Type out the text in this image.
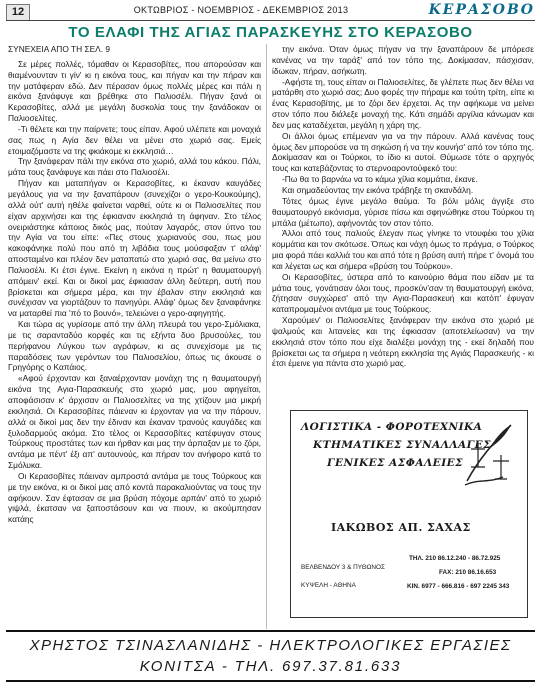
12	ΟΚΤΩΒΡΙΟΣ - ΝΟΕΜΒΡΙΟΣ - ΔΕΚΕΜΒΡΙΟΣ 2013	ΚΕΡΑΣΟΒΟ
ΤΟ ΕΛΑΦΙ ΤΗΣ ΑΓΙΑΣ ΠΑΡΑΣΚΕΥΗΣ ΣΤΟ ΚΕΡΑΣΟΒΟ

ΣΥΝΕΧΕΙΑ ΑΠΟ ΤΗ ΣΕΛ. 9

Σε μέρες πολλές, τόμαθαν οι Κερασοβίτες, που απορούσαν και θιαμένουνταν τι γίν' κι η εικόνα τους, και πήγαν και την πήραν και την ματάφεραν εδώ. Δεν πέρασαν όμως πολλές μέρες και πάλι η εικόνα ξανάφυγε και βρέθηκε στο Παλιοσέλι. Πήγαν ξανά οι Κερασοβίτες, αλλά με μεγάλη δυσκολία τους την ξανάδοκαν οι Παλιοσελίτες.

-Τι θέλετε και την παίρνετε; τους είπαν. Αφού υλέπετε και μοναχιά σας πως η Αγία δεν θέλει να μένει στο χωριό σας. Εμείς ετοιμαζόμαστε να της φκιάκομε κι εκκλησιά…

Την ξανάφεραν πάλι την εικόνα στο χωριό, αλλά του κάκου. Πάλι, μάτα τους ξανάφυγε και πάει στο Παλιοσέλι.

Πήγαν και ματαπήγαν οι Κερασοβίτες, κι έκαναν καυγάδες μεγάλους για να την ξαναπάρουν (συνεχίζοι ο γερο-Κουκούμης), αλλά ούτ' αυτή ηθέλε φαίνεται ναρθεί, ούτε κι οι Παλιοσελίτες που είχαν αρχινήσει και της έφκιαναν εκκλησιά τη άφηναν. Στο τέλος ονειριάστηκε κάποιος δικός μας, πούταν λαγαρός, στον ύπνο του την Αγία να του είπε: «Πες στους χωριανούς σου, πως μου κακοφάνηκε πολύ που από τη λιβάδια τους μούσφαξαν τ' αλάφ' αποσταμένο και πλέον δεν ματαπατώ στο χωριό σας, θα μείνω στο Παλιοσέλι. Κι έτσι έγινε. Εκείνη η εικόνα η πρώτ' η θαυματουργή απόμειν' εκεί. Και οι δικοί μας έφκιασαν άλλη δεύτερη, αυτή που βρίσκεται και σήμερα μέρα, και την έβαλαν στην εκκλησιά και συνέχισαν να γιορτάζουν το πανηγύρι. Αλάφ' όμως δεν ξαναφάνηκε να ματαρθεί πια 'πό το βουνό», τελειώνει ο γερο-αφηγητής.

Και τώρα ας γυρίσομε από την άλλη πλευρά του γερο-Σμόλιακα, με τις σαρανταδύο κορφές και τις εξήντα δυο βρυσούλες, του περήφανου Λύγκου των αγράφων, κι ας συνεχίσομε με τις παραδόσεις των γερόντων του Παλιοσελίου, όπως τις άκουσε ο Γρηγόρης ο Καπάιος.

«Αφού έρχονταν και ξαναέρχονταν μονάχη της η θαυματουργή εικόνα της Αγια-Παρασκευής στο χωριό μας, μου αφηγείται, αποφάσισαν κ' άρχισαν οι Παλιοσελίτες να της χτίζουν μια μικρή εκκλησιά. Οι Κερασοβίτες πάιεναν κι έρχονταν για να την πάρουν, αλλά οι δικοί μας δεν την έδιναν και έκαναν τρανούς καυγάδες και ξυλοδαρμούς ακόμα. Στο τέλος οι Κερασοβίτες κατέφυγαν στους Τούρκους προστάτες των και ήρθαν και μας την άρπαξαν με το ζόρι, αντάμα με πέντ' έξι απ' αυτουνούς, και πήραν τον ανήφορο κατά το Σμόλυκα.

Οι Κερασοβίτες πάειναν αμπροστά αντάμα με τους Τούρκους και με την εικόνα, κι οι δικοί μας από κοντά παρακαλιούντας να τους την αφήκουν. Σαν έφτασαν σε μια βρύση πόχομε αρπάν' από το χωριό γιψλά, έκατσαν να ξαποστάσουν και να πιουν, κι ακούμπησαν κατάης

την εικόνα. Όταν όμως πήγαν να την ξαναπάρουν δε μπόρεσε κανένας να την ταράξ' από τον τόπο της. Δοκίμασαν, πάσχισαν, ίδωκαν, πήραν, ασήκωτη.

-Αφήστε τη, τους είπαν οι Παλιοσελίτες, δε γλέπετε πως δεν θέλει να ματάρθη στο χωριό σας; Δυο φορές την πήραμε και τούτη τρίτη, είπε κι ένας Κερασοβίτης, με το ζόρι δεν έρχεται. Ας την αφήκωμε να μείνει στον τόπο που διάλεξε μοναχή της. Κάτι σημάδι αργίλια κάνωμαν και δεν μας καταδέχεται, μεγάλη η χάρη της.

Οι άλλοι όμως επέμεναν για να την πάρουν. Αλλά κανένας τους όμως δεν μπορούσε να τη σηκώση ή να την κουνήσ' από τον τόπο της. Δοκίμασαν και οι Τούρκοι, το ίδιο κι αυτοί. Θύμωσε τότε ο αρχηγός τους και κατεβάζοντας το στερνοαροντούφεκό του:

-Πω θα το βαρνάω να το κάμω χίλια κομμάτια, έκανε.

Και σημαδεύοντας την εικόνα τράβηξε τη σκανδάλη.

Τότες όμως έγινε μεγάλο θαύμα. Το βόλι μόλις άγγιξε στο θαυματουργό εικόνισμα, γύρισε πίσω και σφηνώθηκε στου Τούρκου τη μπάλα (μέτωπο), αφήνοντάς τον στον τόπο.

Άλλοι από τους παλιούς έλεγαν πως γίνηκε το ντουφέκι του χίλια κομμάτια και τον σκότωσε. Όπως και νάχη όμως το πράγμα, ο Τούρκος μια φορά πάει καλλιά του και από τότε η βρύση αυτή πήρε τ' όνομά του και λέγεται ως και σήμερα «βρύση του Τούρκου».

Οι Κερασοβίτες, ύστερα από το καινούριο θάμα που είδαν με τα μάτια τους, γονάτισαν όλοι τους, προσκύν'σαν τη θαυματουργή εικόνα, ζήτησαν συγχώρεσ' από την Αγια-Παρασκευή και κατόπ' έφυγαν καταπρομαμένοι αντάμα με τους Τούρκους.

Χαρούμεν' οι Παλιοσελίτες ξανάφεραν την εικόνα στο χωριό με ψαλμούς και λιτανείες και της έφκιασαν (αποτελείωσαν) να την εκκλησιά στον τόπο που είχε διαλέξει μονάχη της - εκεί δηλαδή που βρίσκεται ως τα σήμερα η νεότερη εκκλησία της Αγιάς Παρασκευής - κι έτσι έμεινε για πάντα στο χωριό μας.

ΛΟΓΙΣΤΙΚΑ - ΦΟΡΟΤΕΧΝΙΚΑ
ΚΤΗΜΑΤΙΚΕΣ ΣΥΝΑΛΛΑΓΕΣ
ΓΕΝΙΚΕΣ ΑΣΦΑΛΕΙΕΣ
ΙΑΚΩΒΟΣ ΑΠ. ΣΑΧΑΣ
ΒΕΛΒΕΝΔΟΥ 3 & ΠΥΘΩΝΟΣ
ΚΥΨΕΛΗ - ΑΘΗΝΑ
ΤΗΛ. 210 86.12.240 - 86.72.925
FAX: 210 86.16.653
ΚΙΝ. 6977 - 666.816 - 697 2245 343
ΧΡΗΣΤΟΣ ΤΣΙΝΑΣΛΑΝΙΔΗΣ - ΗΛΕΚΤΡΟΛΟΓΙΚΕΣ ΕΡΓΑΣΙΕΣ
ΚΟΝΙΤΣΑ - ΤΗΛ. 697.37.81.633
